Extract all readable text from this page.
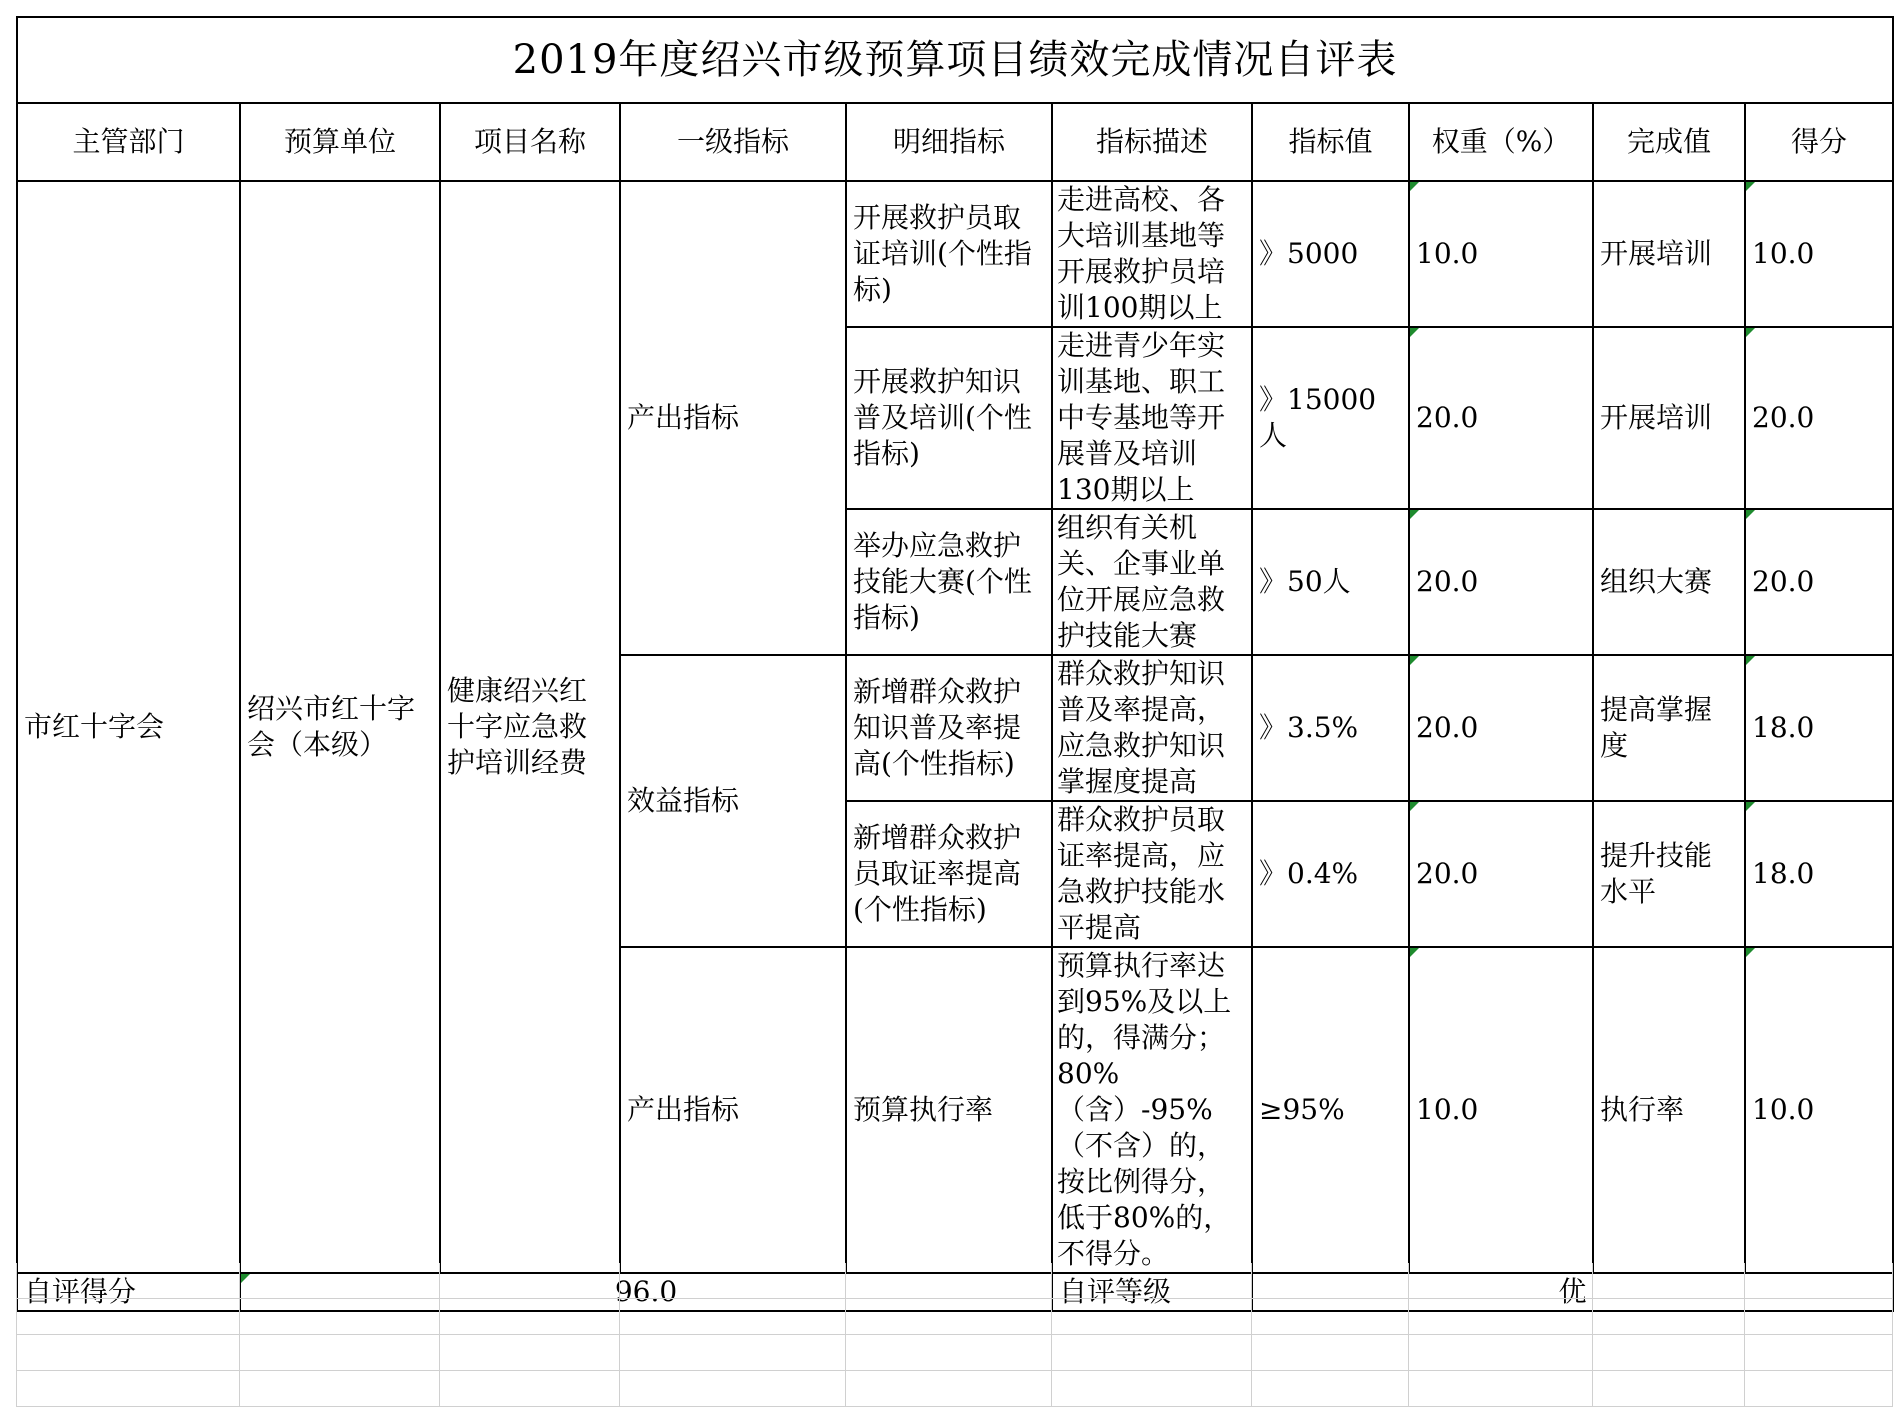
2019年度绍兴市级预算项目绩效完成情况自评表									
主管部门	预算单位	项目名称	一级指标	明细指标	指标描述	指标值	权重（%）	完成值	得分
市红十字会	绍兴市红十字会（本级）	健康绍兴红十字应急救护培训经费	产出指标	开展救护员取证培训(个性指标)	走进高校、各大培训基地等开展救护员培训100期以上	》5000	10.0	开展培训	10.0
				开展救护知识普及培训(个性指标)	走进青少年实训基地、职工中专基地等开展普及培训130期以上	》15000人	20.0	开展培训	20.0
				举办应急救护技能大赛(个性指标)	组织有关机关、企事业单位开展应急救护技能大赛	》50人	20.0	组织大赛	20.0
			效益指标	新增群众救护知识普及率提高(个性指标)	群众救护知识普及率提高，应急救护知识掌握度提高	》3.5%	20.0	提高掌握度	18.0
				新增群众救护员取证率提高(个性指标)	群众救护员取证率提高，应急救护技能水平提高	》0.4%	20.0	提升技能水平	18.0
			产出指标	预算执行率	预算执行率达到95%及以上的，得满分；80%（含）-95%（不含）的，按比例得分，低于80%的，不得分。	≥95%	10.0	执行率	10.0
自评得分	96.0				自评等级	优			
